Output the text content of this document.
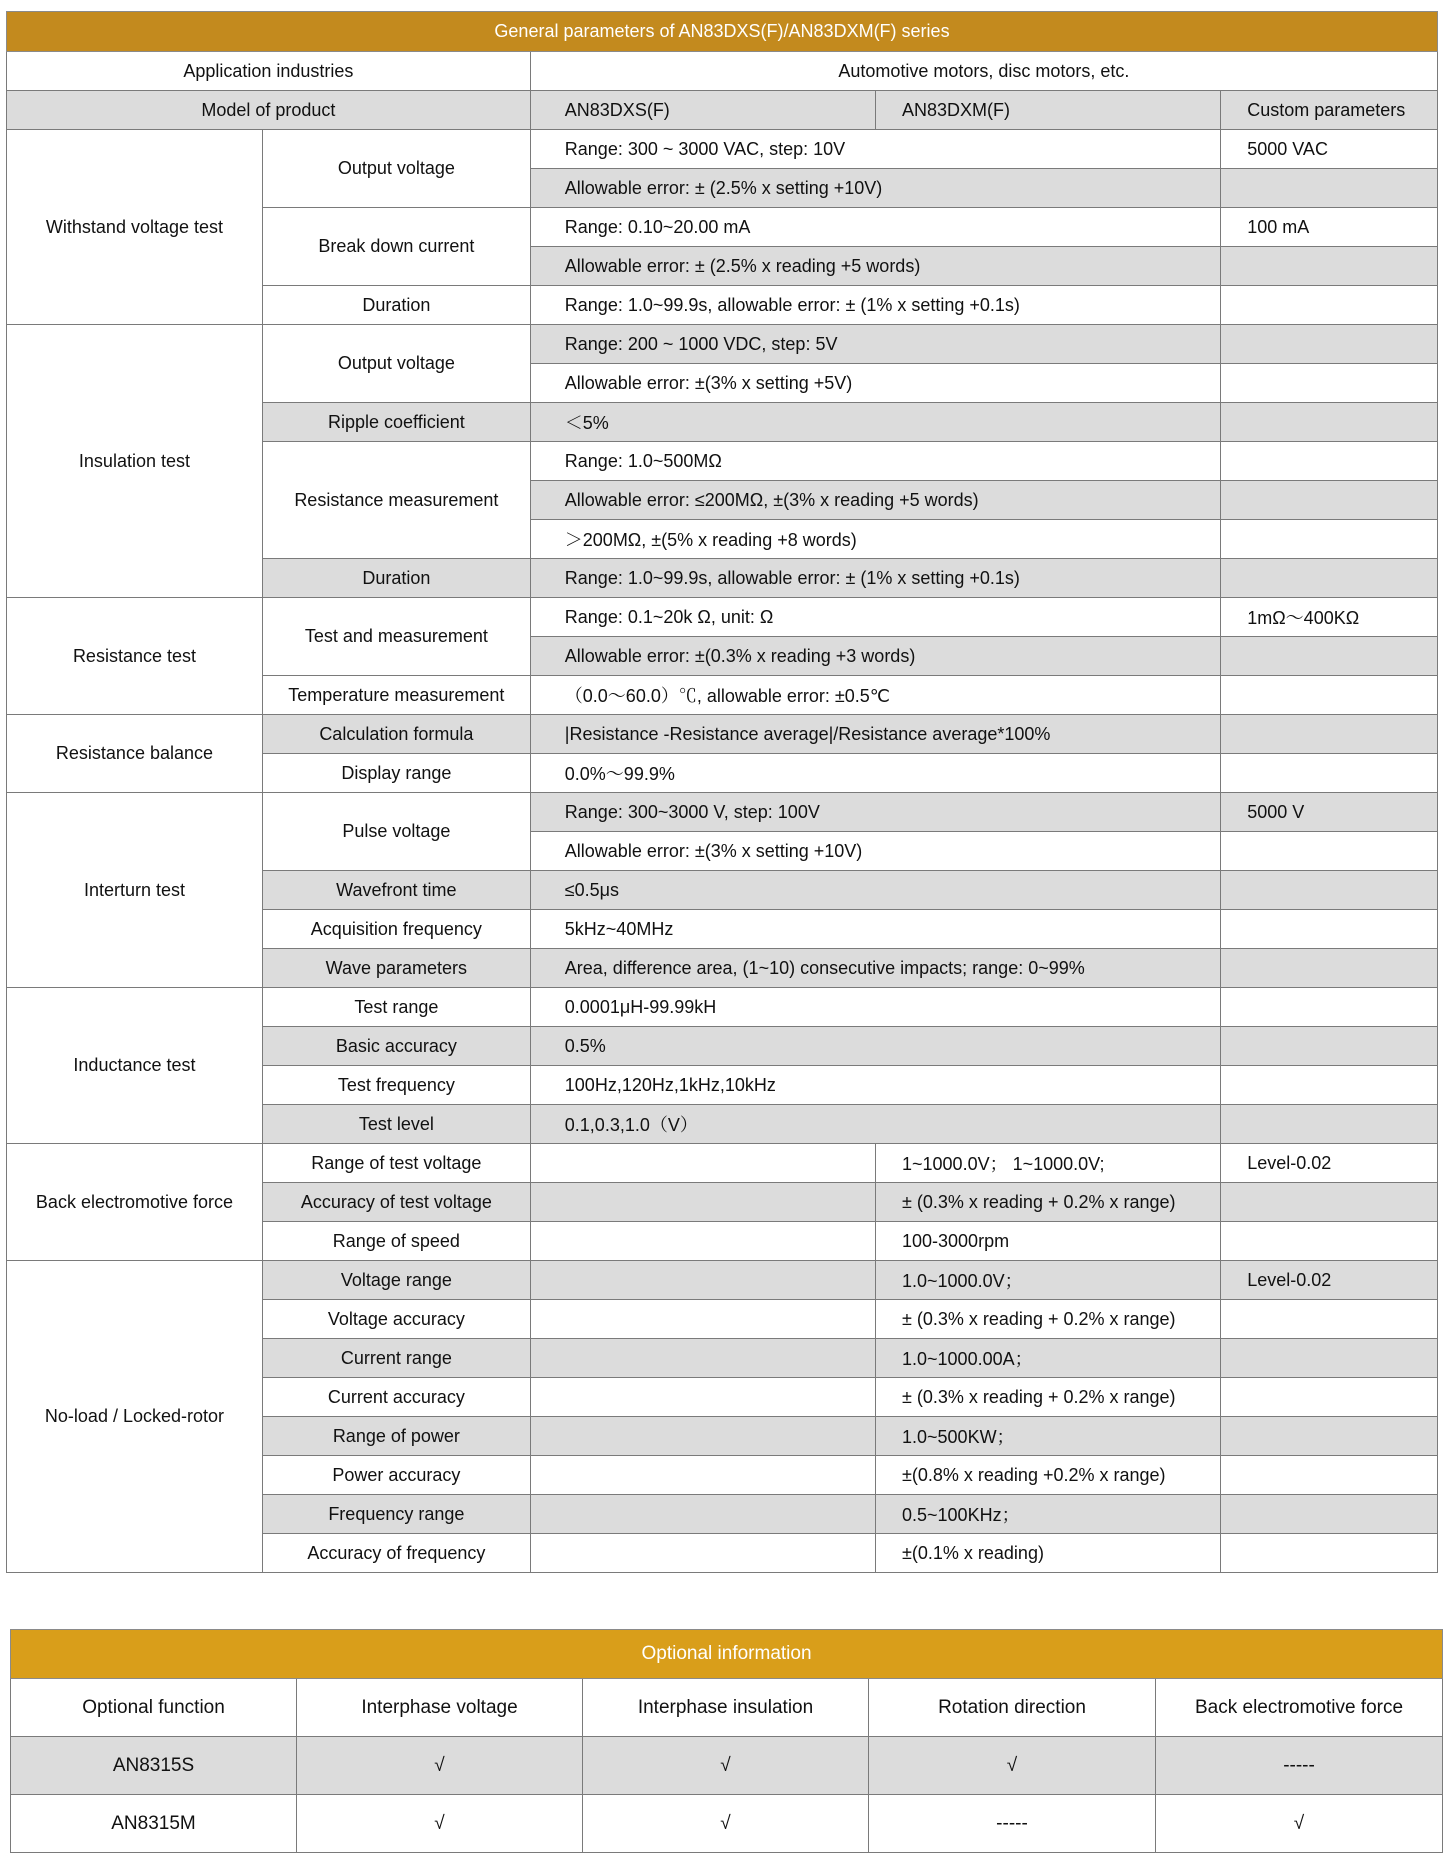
General parameters of AN83DXS(F)/AN83DXM(F) series				
Application industries		Automotive motors, disc motors, etc.		
Model of product		AN83DXS(F)	AN83DXM(F)	Custom parameters
Withstand voltage test	Output voltage	Range: 300 ~ 3000 VAC, step: 10V		5000 VAC
		Allowable error: ± (2.5% x setting +10V)		
	Break down current	Range: 0.10~20.00 mA		100 mA
		Allowable error: ± (2.5% x reading +5 words)		
	Duration	Range: 1.0~99.9s, allowable error: ± (1% x setting +0.1s)		
Insulation test	Output voltage	Range: 200 ~ 1000 VDC, step: 5V		
		Allowable error: ±(3% x setting +5V)		
	Ripple coefficient	＜5%		
	Resistance measurement	Range: 1.0~500MΩ		
		Allowable error: ≤200MΩ, ±(3% x reading +5 words)		
		＞200MΩ, ±(5% x reading +8 words)		
	Duration	Range: 1.0~99.9s, allowable error: ± (1% x setting +0.1s)		
Resistance test	Test and measurement	Range: 0.1~20k Ω, unit: Ω		1mΩ～400KΩ
		Allowable error: ±(0.3% x reading +3 words)		
	Temperature measurement	（0.0～60.0）℃, allowable error: ±0.5℃		
Resistance balance	Calculation formula	|Resistance -Resistance average|/Resistance average*100%		
	Display range	0.0%～99.9%		
Interturn test	Pulse voltage	Range: 300~3000 V, step: 100V		5000 V
		Allowable error: ±(3% x setting +10V)		
	Wavefront time	≤0.5μs		
	Acquisition frequency	5kHz~40MHz		
	Wave parameters	Area, difference area, (1~10) consecutive impacts; range: 0~99%		
Inductance test	Test range	0.0001μH-99.99kH		
	Basic accuracy	0.5%		
	Test frequency	100Hz,120Hz,1kHz,10kHz		
	Test level	0.1,0.3,1.0（V）		
Back electromotive force	Range of test voltage		1~1000.0V； 1~1000.0V;	Level-0.02
	Accuracy of test voltage		± (0.3% x reading + 0.2% x range)	
	Range of speed		100-3000rpm	
No-load / Locked-rotor	Voltage range		1.0~1000.0V；	Level-0.02
	Voltage accuracy		± (0.3% x reading + 0.2% x range)	
	Current range		1.0~1000.00A；	
	Current accuracy		± (0.3% x reading + 0.2% x range)	
	Range of power		1.0~500KW；	
	Power accuracy		±(0.8% x reading +0.2% x range)	
	Frequency range		0.5~100KHz；	
	Accuracy of frequency		±(0.1% x reading)	
Optional information				
Optional function	Interphase voltage	Interphase insulation	Rotation direction	Back electromotive force
AN8315S	√	√	√	-----
AN8315M	√	√	-----	√
